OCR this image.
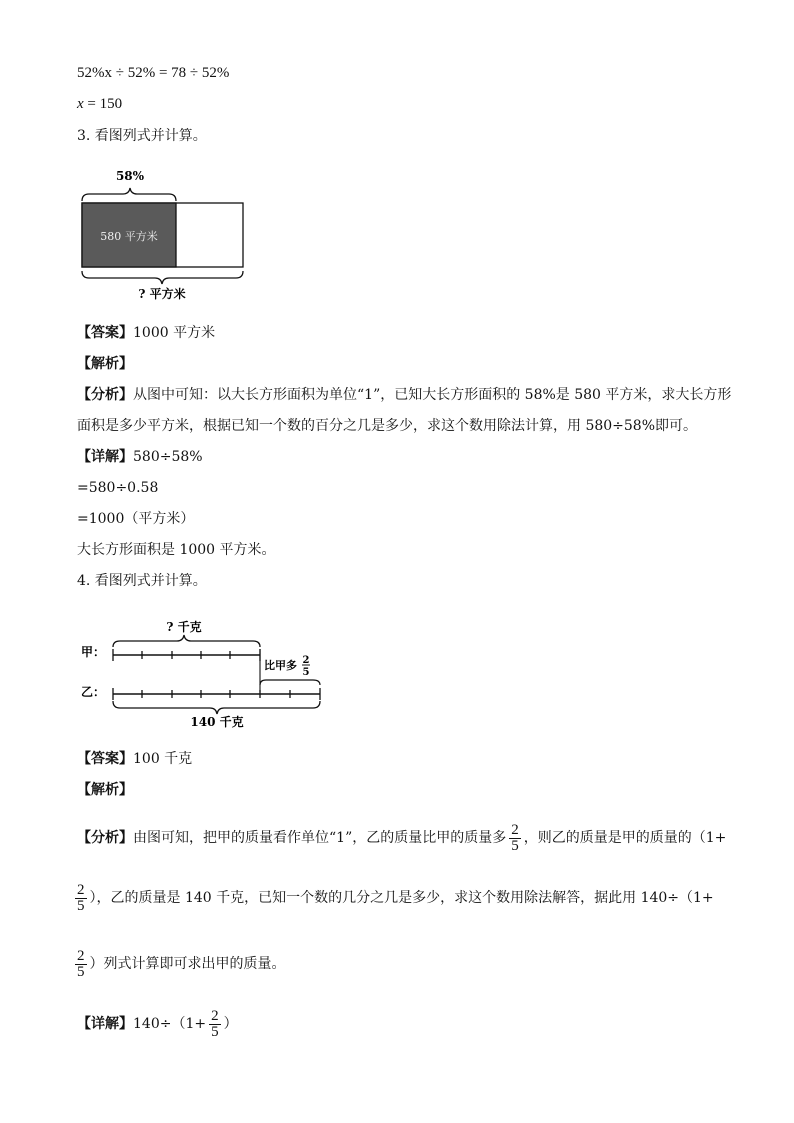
52%x ÷ 52% = 78 ÷ 52%
x = 150
3. 看图列式并计算。
58%
580 平方米
? 平方米
【答案】1000 平方米
【解析】
【分析】从图中可知：以大长方形面积为单位“1”，已知大长方形面积的 58%是 580 平方米，求大长方形
面积是多少平方米，根据已知一个数的百分之几是多少，求这个数用除法计算，用 580÷58%即可。
【详解】580÷58%
=580÷0.58
=1000（平方米）
大长方形面积是 1000 平方米。
4. 看图列式并计算。
? 千克
甲：
比甲多 2
5
乙：
140 千克
【答案】100 千克
【解析】
【分析】由图可知，把甲的质量看作单位“1”，乙的质量比甲的质量多 $\frac{2}{5}$ ，则乙的质量是甲的质量的（1+
$\frac{2}{5}$ ），乙的质量是 140 千克，已知一个数的几分之几是多少，求这个数用除法解答，据此用 140÷（1+
$\frac{2}{5}$ ）列式计算即可求出甲的质量。
【详解】$140\div(1+ \frac{2}{5}$ ）
